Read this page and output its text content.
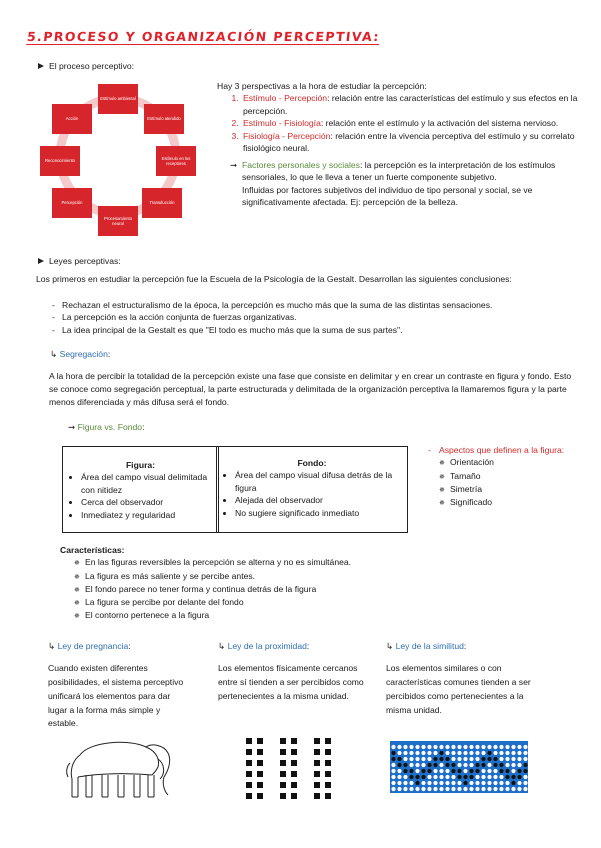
5.PROCESO Y ORGANIZACIÓN PERCEPTIVA:
El proceso perceptivo:
Estímulo ambiental
Estímulo atendido
Estímulo en los receptores
Transducción
Procesamiento neural
Percepción
Reconocimiento
Acción
Hay 3 perspectivas a la hora de estudiar la percepción:
1. Estímulo - Percepción: relación entre las características del estímulo y sus efectos en la percepción.
2. Estímulo - Fisiología: relación ente el estímulo y la activación del sistema nervioso.
3. Fisiología - Percepción: relación entre la vivencia perceptiva del estímulo y su correlato fisiológico neural.
➞ Factores personales y sociales: la percepción es la interpretación de los estímulos sensoriales, lo que le lleva a tener un fuerte componente subjetivo.
Influidas por factores subjetivos del individuo de tipo personal y social, se ve significativamente afectada. Ej: percepción de la belleza.
Leyes perceptivas:
Los primeros en estudiar la percepción fue la Escuela de la Psicología de la Gestalt. Desarrollan las siguientes conclusiones:
- Rechazan el estructuralismo de la época, la percepción es mucho más que la suma de las distintas sensaciones.
- La percepción es la acción conjunta de fuerzas organizativas.
- La idea principal de la Gestalt es que "El todo es mucho más que la suma de sus partes".
↳ Segregación:
A la hora de percibir la totalidad de la percepción existe una fase que consiste en delimitar y en crear un contraste en figura y fondo. Esto se conoce como segregación perceptual, la parte estructurada y delimitada de la organización perceptiva la llamaremos figura y la parte menos diferenciada y más difusa será el fondo.
➞ Figura vs. Fondo:
Figura:
• Área del campo visual delimitada con nitidez
• Cerca del observador
• Inmediatez y regularidad
Fondo:
• Área del campo visual difusa detrás de la figura
• Alejada del observador
• No sugiere significado inmediato
- Aspectos que definen a la figura:
✵ Orientación
✵ Tamaño
✵ Simetría
✵ Significado
Características:
✵ En las figuras reversibles la percepción se alterna y no es simultánea.
✵ La figura es más saliente y se percibe antes.
✵ El fondo parece no tener forma y continua detrás de la figura
✵ La figura se percibe por delante del fondo
✵ El contorno pertenece a la figura
↳ Ley de pregnancia:
Cuando existen diferentes posibilidades, el sistema perceptivo unificará los elementos para dar lugar a la forma más simple y estable.
↳ Ley de la proximidad:
Los elementos físicamente cercanos entre sí tienden a ser percibidos como pertenecientes a la misma unidad.
↳ Ley de la similitud:
Los elementos similares o con características comunes tienden a ser percibidos como pertenecientes a la misma unidad.
